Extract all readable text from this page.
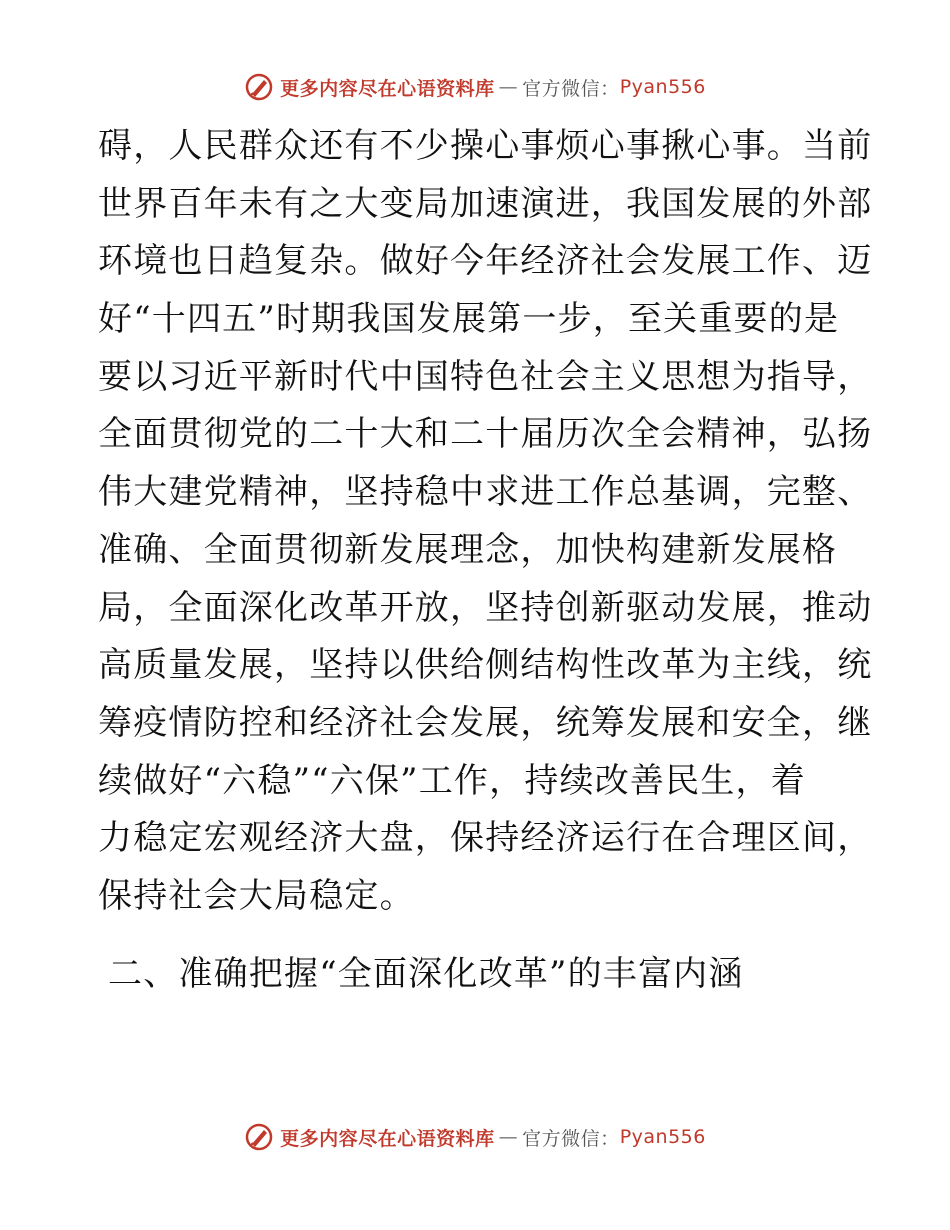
更多内容尽在心语资料库 — 官方微信： Pyan556
碍，人民群众还有不少操心事烦心事揪心事。当前
世界百年未有之大变局加速演进，我国发展的外部
环境也日趋复杂。做好今年经济社会发展工作、迈
好“十四五”时期我国发展第一步，至关重要的是
要以习近平新时代中国特色社会主义思想为指导，
全面贯彻党的二十大和二十届历次全会精神，弘扬
伟大建党精神，坚持稳中求进工作总基调，完整、
准确、全面贯彻新发展理念，加快构建新发展格
局，全面深化改革开放，坚持创新驱动发展，推动
高质量发展，坚持以供给侧结构性改革为主线，统
筹疫情防控和经济社会发展，统筹发展和安全，继
续做好“六稳”“六保”工作，持续改善民生，着
力稳定宏观经济大盘，保持经济运行在合理区间，
保持社会大局稳定。
二、准确把握“全面深化改革”的丰富内涵
更多内容尽在心语资料库 — 官方微信： Pyan556
